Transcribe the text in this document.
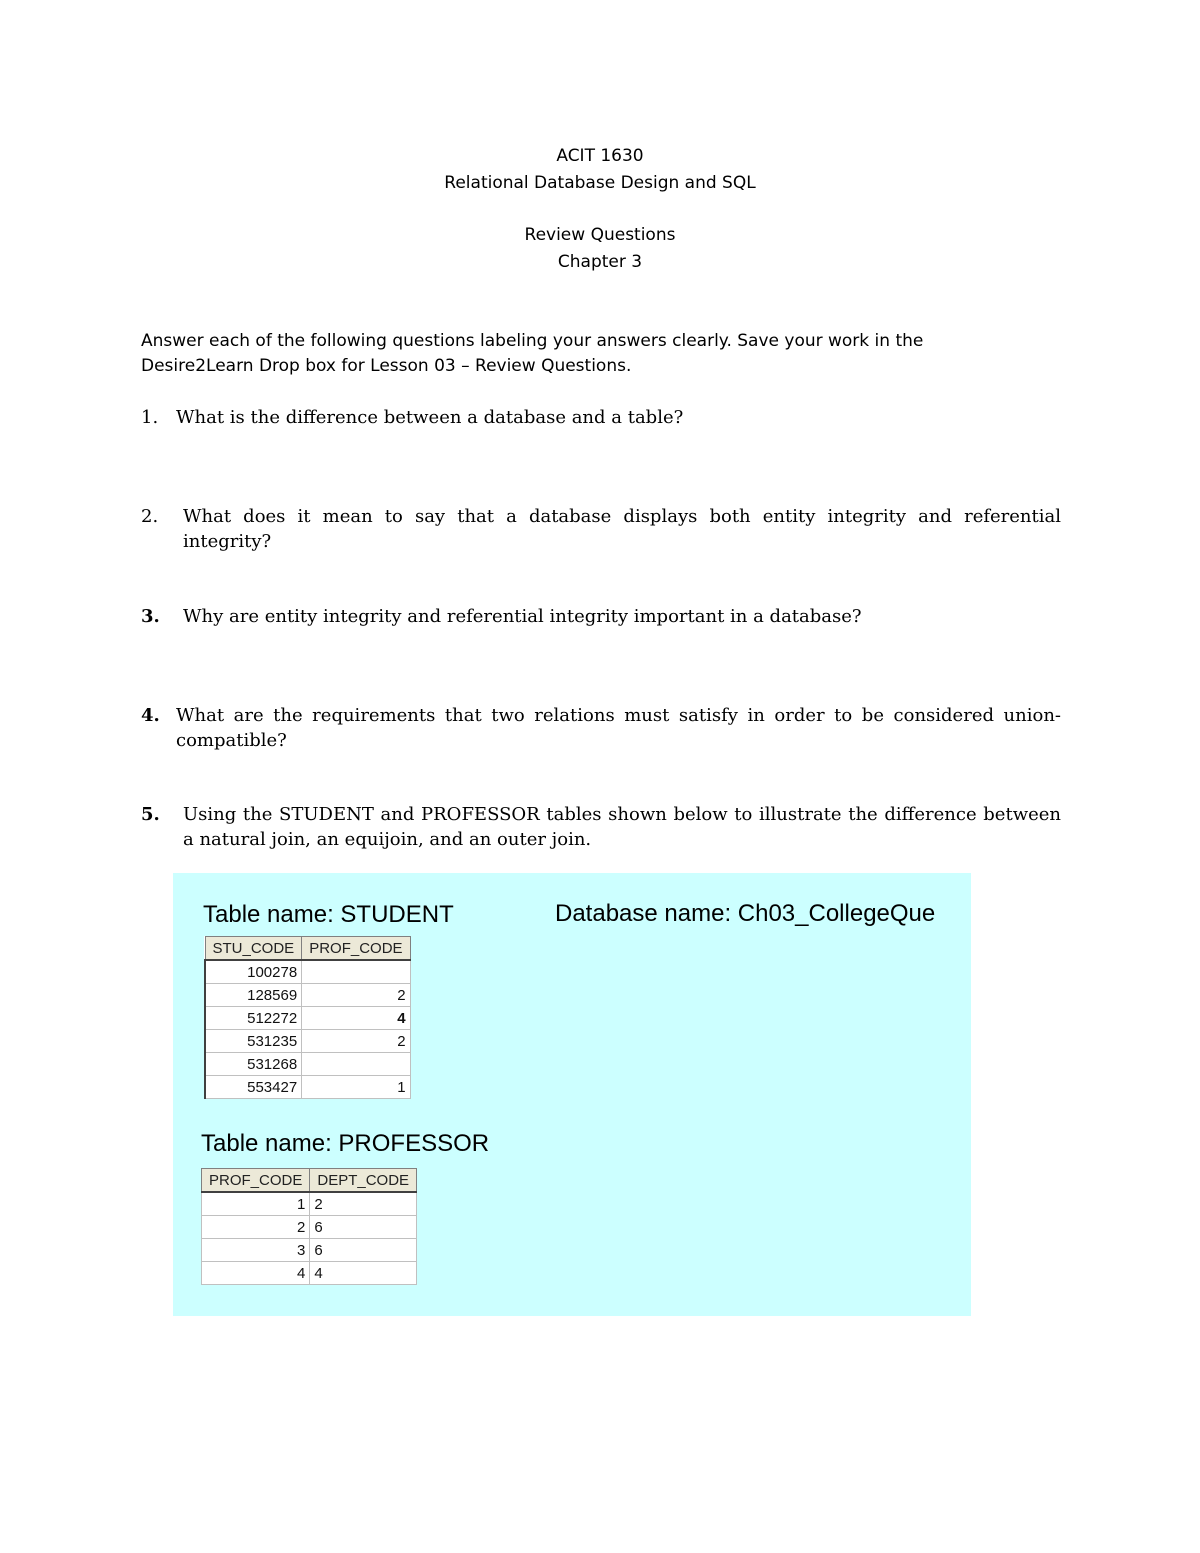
ACIT 1630
Relational Database Design and SQL
Review Questions
Chapter 3
Answer each of the following questions labeling your answers clearly. Save your work in the
Desire2Learn Drop box for Lesson 03 – Review Questions.
1. What is the difference between a database and a table?
2. What does it mean to say that a database displays both entity integrity and referential integrity?
3. Why are entity integrity and referential integrity important in a database?
4. What are the requirements that two relations must satisfy in order to be considered union-compatible?
5. Using the STUDENT and PROFESSOR tables shown below to illustrate the difference between a natural join, an equijoin, and an outer join.
Table name: STUDENT	Database name: Ch03_CollegeQue
STU_CODE	PROF_CODE
100278	
128569	2
512272	4
531235	2
531268	
553427	1
Table name: PROFESSOR
PROF_CODE	DEPT_CODE
1	2
2	6
3	6
4	4
